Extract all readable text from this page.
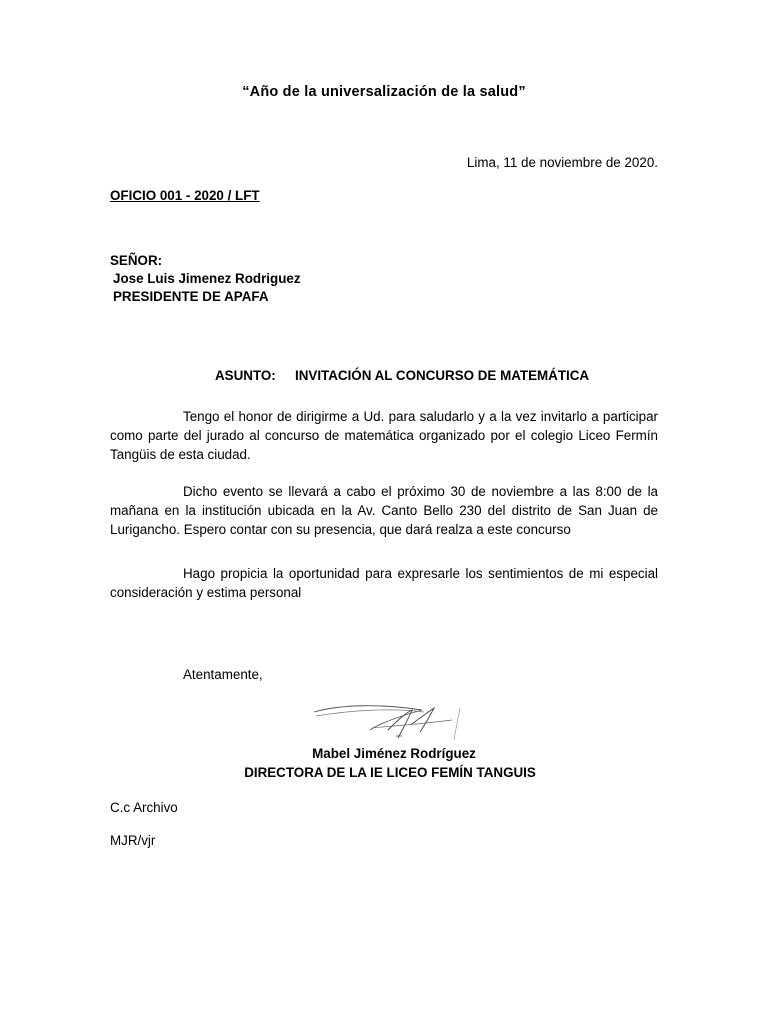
“Año de la universalización de la salud”
Lima, 11 de noviembre de 2020.
OFICIO 001 - 2020 / LFT
SEÑOR:
Jose Luis Jimenez Rodriguez
PRESIDENTE DE APAFA
ASUNTO: INVITACIÓN AL CONCURSO DE MATEMÁTICA
Tengo el honor de dirigirme a Ud. para saludarlo y a la vez invitarlo a participar como parte del jurado al concurso de matemática organizado por el colegio Liceo Fermín Tangüis de esta ciudad.
Dicho evento se llevará a cabo el próximo 30 de noviembre a las 8:00 de la mañana en la institución ubicada en la Av. Canto Bello 230 del distrito de San Juan de Lurigancho. Espero contar con su presencia, que dará realza a este concurso
Hago propicia la oportunidad para expresarle los sentimientos de mi especial consideración y estima personal
Atentamente,
Mabel Jiménez Rodríguez
DIRECTORA DE LA IE LICEO FEMÍN TANGUIS
C.c Archivo
MJR/vjr
